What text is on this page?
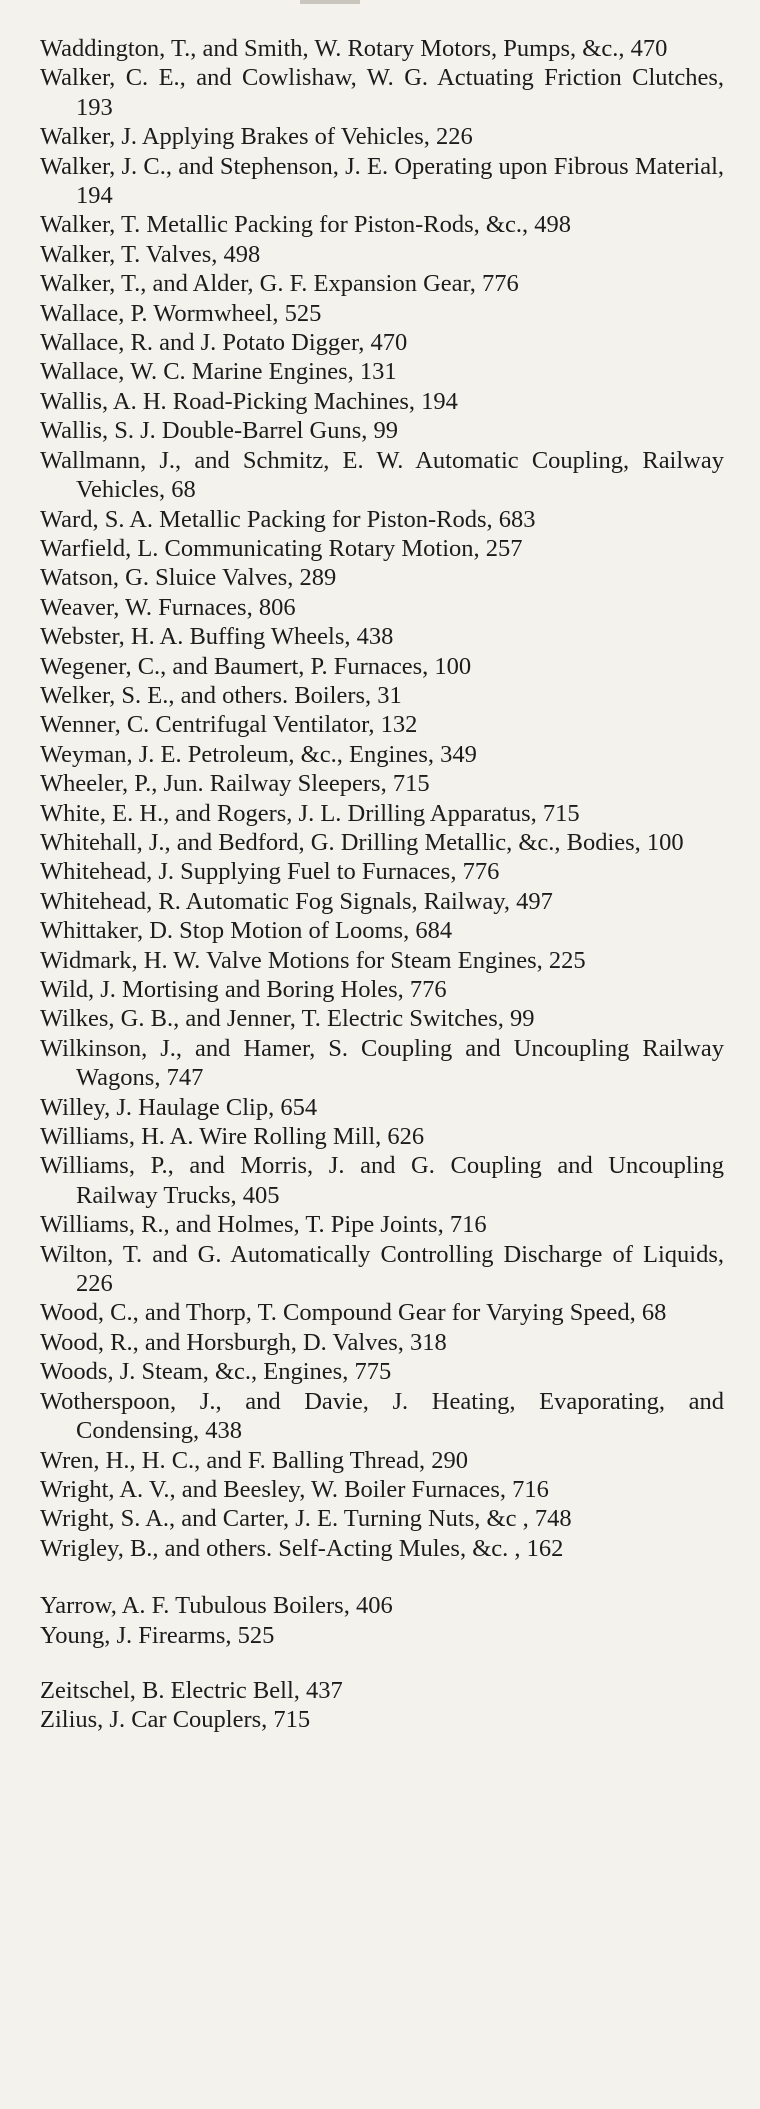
Waddington, T., and Smith, W. Rotary Motors, Pumps, &c., 470
Walker, C. E., and Cowlishaw, W. G. Actuating Friction Clutches, 193
Walker, J. Applying Brakes of Vehicles, 226
Walker, J. C., and Stephenson, J. E. Operating upon Fibrous Material, 194
Walker, T. Metallic Packing for Piston-Rods, &c., 498
Walker, T. Valves, 498
Walker, T., and Alder, G. F. Expansion Gear, 776
Wallace, P. Wormwheel, 525
Wallace, R. and J. Potato Digger, 470
Wallace, W. C. Marine Engines, 131
Wallis, A. H. Road-Picking Machines, 194
Wallis, S. J. Double-Barrel Guns, 99
Wallmann, J., and Schmitz, E. W. Automatic Coupling, Railway Vehicles, 68
Ward, S. A. Metallic Packing for Piston-Rods, 683
Warfield, L. Communicating Rotary Motion, 257
Watson, G. Sluice Valves, 289
Weaver, W. Furnaces, 806
Webster, H. A. Buffing Wheels, 438
Wegener, C., and Baumert, P. Furnaces, 100
Welker, S. E., and others. Boilers, 31
Wenner, C. Centrifugal Ventilator, 132
Weyman, J. E. Petroleum, &c., Engines, 349
Wheeler, P., Jun. Railway Sleepers, 715
White, E. H., and Rogers, J. L. Drilling Apparatus, 715
Whitehall, J., and Bedford, G. Drilling Metallic, &c., Bodies, 100
Whitehead, J. Supplying Fuel to Furnaces, 776
Whitehead, R. Automatic Fog Signals, Railway, 497
Whittaker, D. Stop Motion of Looms, 684
Widmark, H. W. Valve Motions for Steam Engines, 225
Wild, J. Mortising and Boring Holes, 776
Wilkes, G. B., and Jenner, T. Electric Switches, 99
Wilkinson, J., and Hamer, S. Coupling and Uncoupling Railway Wagons, 747
Willey, J. Haulage Clip, 654
Williams, H. A. Wire Rolling Mill, 626
Williams, P., and Morris, J. and G. Coupling and Uncoupling Railway Trucks, 405
Williams, R., and Holmes, T. Pipe Joints, 716
Wilton, T. and G. Automatically Controlling Discharge of Liquids, 226
Wood, C., and Thorp, T. Compound Gear for Varying Speed, 68
Wood, R., and Horsburgh, D. Valves, 318
Woods, J. Steam, &c., Engines, 775
Wotherspoon, J., and Davie, J. Heating, Evaporating, and Condensing, 438
Wren, H., H. C., and F. Balling Thread, 290
Wright, A. V., and Beesley, W. Boiler Furnaces, 716
Wright, S. A., and Carter, J. E. Turning Nuts, &c , 748
Wrigley, B., and others. Self-Acting Mules, &c. , 162
Yarrow, A. F. Tubulous Boilers, 406
Young, J. Firearms, 525
Zeitschel, B. Electric Bell, 437
Zilius, J. Car Couplers, 715
